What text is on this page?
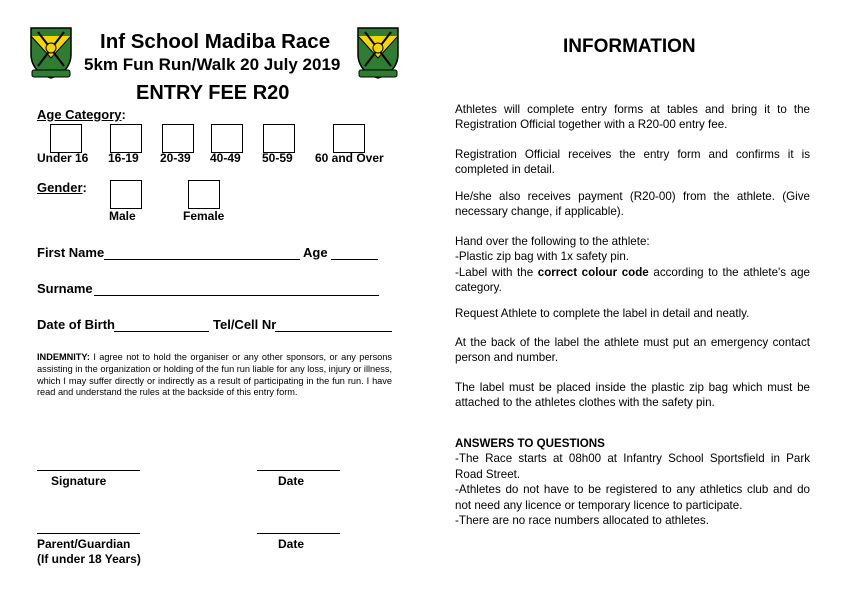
Inf School Madiba Race
5km Fun Run/Walk 20 July 2019
ENTRY FEE R20
Age Category:
Under 16 16-19 20-39 40-49 50-59 60 and Over
Gender:
Male	Female
First Name	Age
Surname
Date of Birth	Tel/Cell Nr
INDEMNITY: I agree not to hold the organiser or any other sponsors, or any persons assisting in the organization or holding of the fun run liable for any loss, injury or illness, which I may suffer directly or indirectly as a result of participating in the fun run. I have read and understand the rules at the backside of this entry form.
Signature	Date
Parent/Guardian
(If under 18 Years)
Date
INFORMATION
Athletes will complete entry forms at tables and bring it to the Registration Official together with a R20-00 entry fee.
Registration Official receives the entry form and confirms it is completed in detail.
He/she also receives payment (R20-00) from the athlete. (Give necessary change, if applicable).
Hand over the following to the athlete:
-Plastic zip bag with 1x safety pin.
-Label with the correct colour code according to the athlete's age category.
Request Athlete to complete the label in detail and neatly.
At the back of the label the athlete must put an emergency contact person and number.
The label must be placed inside the plastic zip bag which must be attached to the athletes clothes with the safety pin.
ANSWERS TO QUESTIONS
-The Race starts at 08h00 at Infantry School Sportsfield in Park Road Street.
-Athletes do not have to be registered to any athletics club and do not need any licence or temporary licence to participate.
-There are no race numbers allocated to athletes.
